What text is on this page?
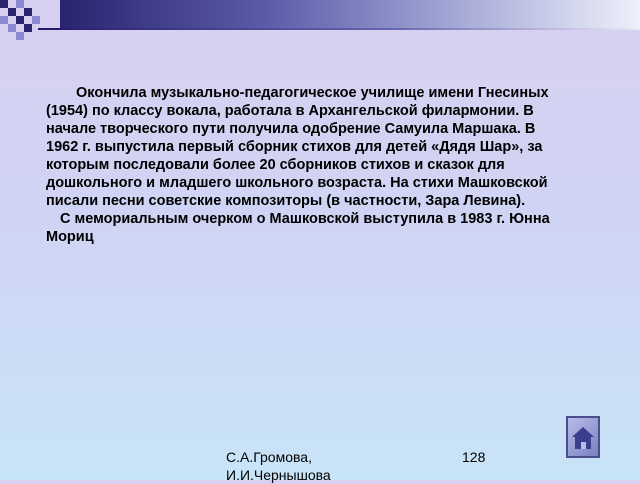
Окончила музыкально-педагогическое училище имени Гнесиных (1954) по классу вокала, работала в Архангельской филармонии. В начале творческого пути получила одобрение Самуила Маршака. В 1962 г. выпустила первый сборник стихов для детей «Дядя Шар», за которым последовали более 20 сборников стихов и сказок для дошкольного и младшего школьного возраста. На стихи Машковской писали песни советские композиторы (в частности, Зара Левина).

С мемориальным очерком о Машковской выступила в 1983 г. Юнна Мориц

С.А.Громова, И.И.Чернышова
128
